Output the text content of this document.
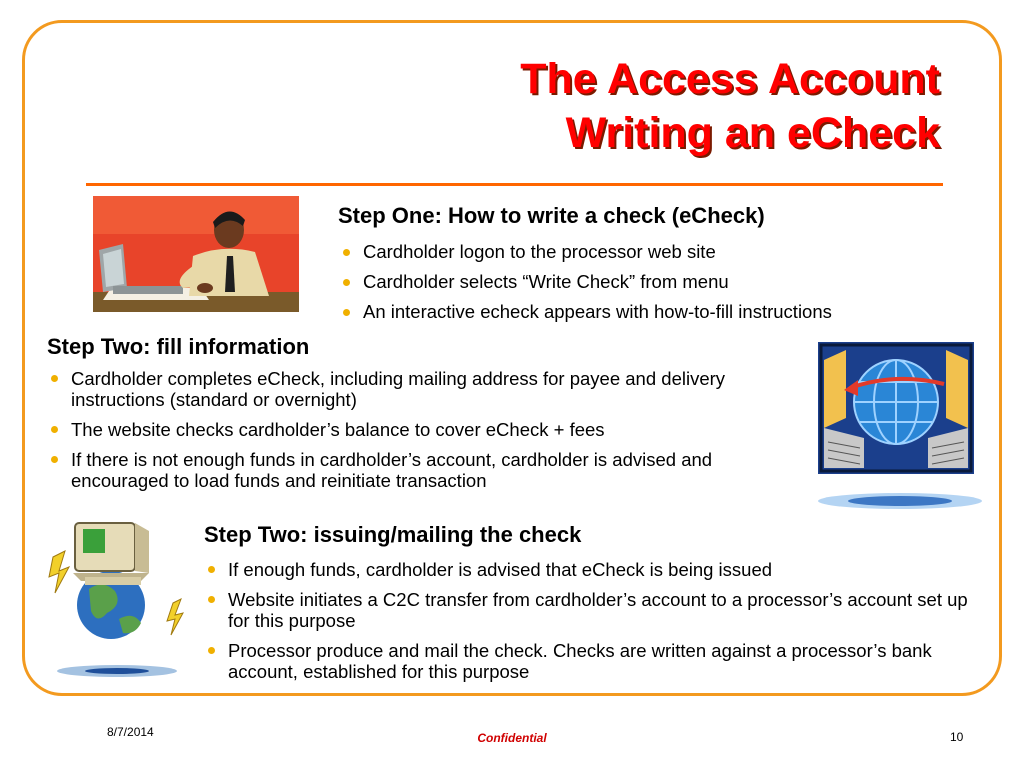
The Access Account
Writing an eCheck
Step One: How to write a check (eCheck)
Cardholder logon to the processor web site
Cardholder selects “Write Check” from menu
An interactive echeck appears with how-to-fill instructions
Step Two: fill information
Cardholder completes eCheck, including mailing address for payee and delivery instructions (standard or overnight)
The website checks cardholder’s balance to cover eCheck + fees
If there is not enough funds in cardholder’s account, cardholder is advised and encouraged to load funds and reinitiate transaction
Step Two: issuing/mailing the check
If enough funds, cardholder is advised that eCheck is being issued
Website initiates a C2C transfer from cardholder’s account to a processor’s account set up for this purpose
Processor produce and mail the check. Checks are written against a processor’s bank account, established for this purpose
8/7/2014	Confidential	10
